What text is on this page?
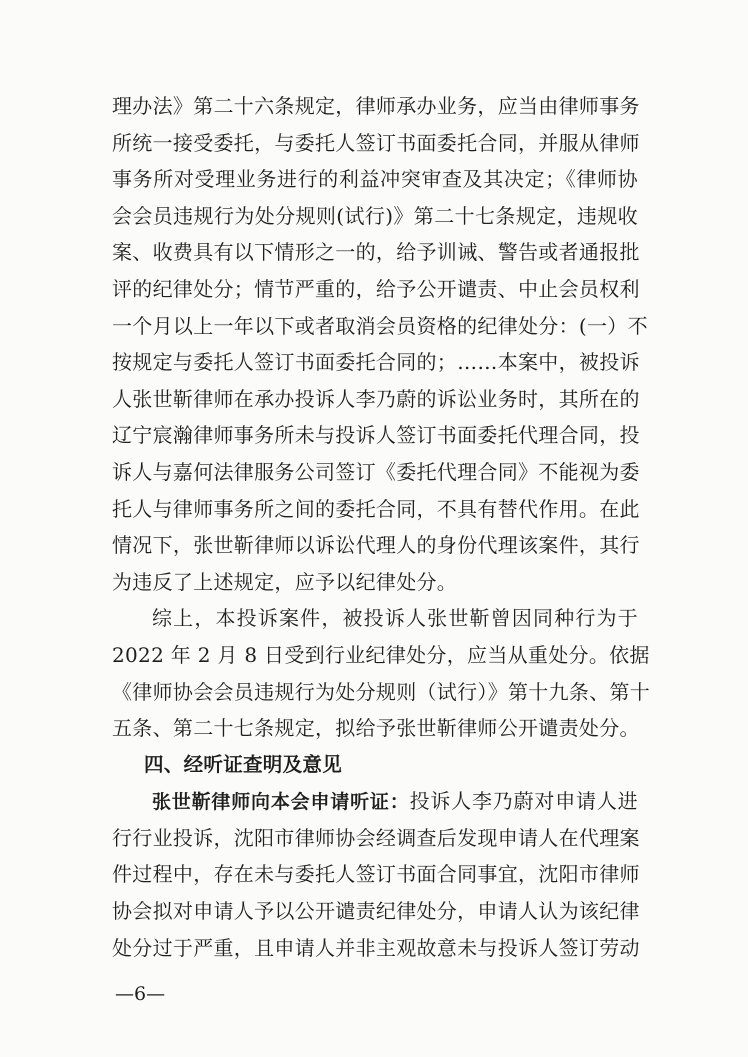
理办法》第二十六条规定，律师承办业务，应当由律师事务
所统一接受委托，与委托人签订书面委托合同，并服从律师
事务所对受理业务进行的利益冲突审查及其决定；《律师协
会会员违规行为处分规则(试行)》第二十七条规定，违规收
案、收费具有以下情形之一的，给予训诫、警告或者通报批
评的纪律处分；情节严重的，给予公开谴责、中止会员权利
一个月以上一年以下或者取消会员资格的纪律处分：(一）不
按规定与委托人签订书面委托合同的；……本案中，被投诉
人张世靳律师在承办投诉人李乃蔚的诉讼业务时，其所在的
辽宁宸瀚律师事务所未与投诉人签订书面委托代理合同，投
诉人与嘉何法律服务公司签订《委托代理合同》不能视为委
托人与律师事务所之间的委托合同，不具有替代作用。在此
情况下，张世靳律师以诉讼代理人的身份代理该案件，其行
为违反了上述规定，应予以纪律处分。
综上，本投诉案件，被投诉人张世靳曾因同种行为于
2022 年 2 月 8 日受到行业纪律处分，应当从重处分。依据
《律师协会会员违规行为处分规则（试行）》第十九条、第十
五条、第二十七条规定，拟给予张世靳律师公开谴责处分。
四、经听证查明及意见
张世靳律师向本会申请听证：投诉人李乃蔚对申请人进
行行业投诉，沈阳市律师协会经调查后发现申请人在代理案
件过程中，存在未与委托人签订书面合同事宜，沈阳市律师
协会拟对申请人予以公开谴责纪律处分，申请人认为该纪律
处分过于严重，且申请人并非主观故意未与投诉人签订劳动
—6—
